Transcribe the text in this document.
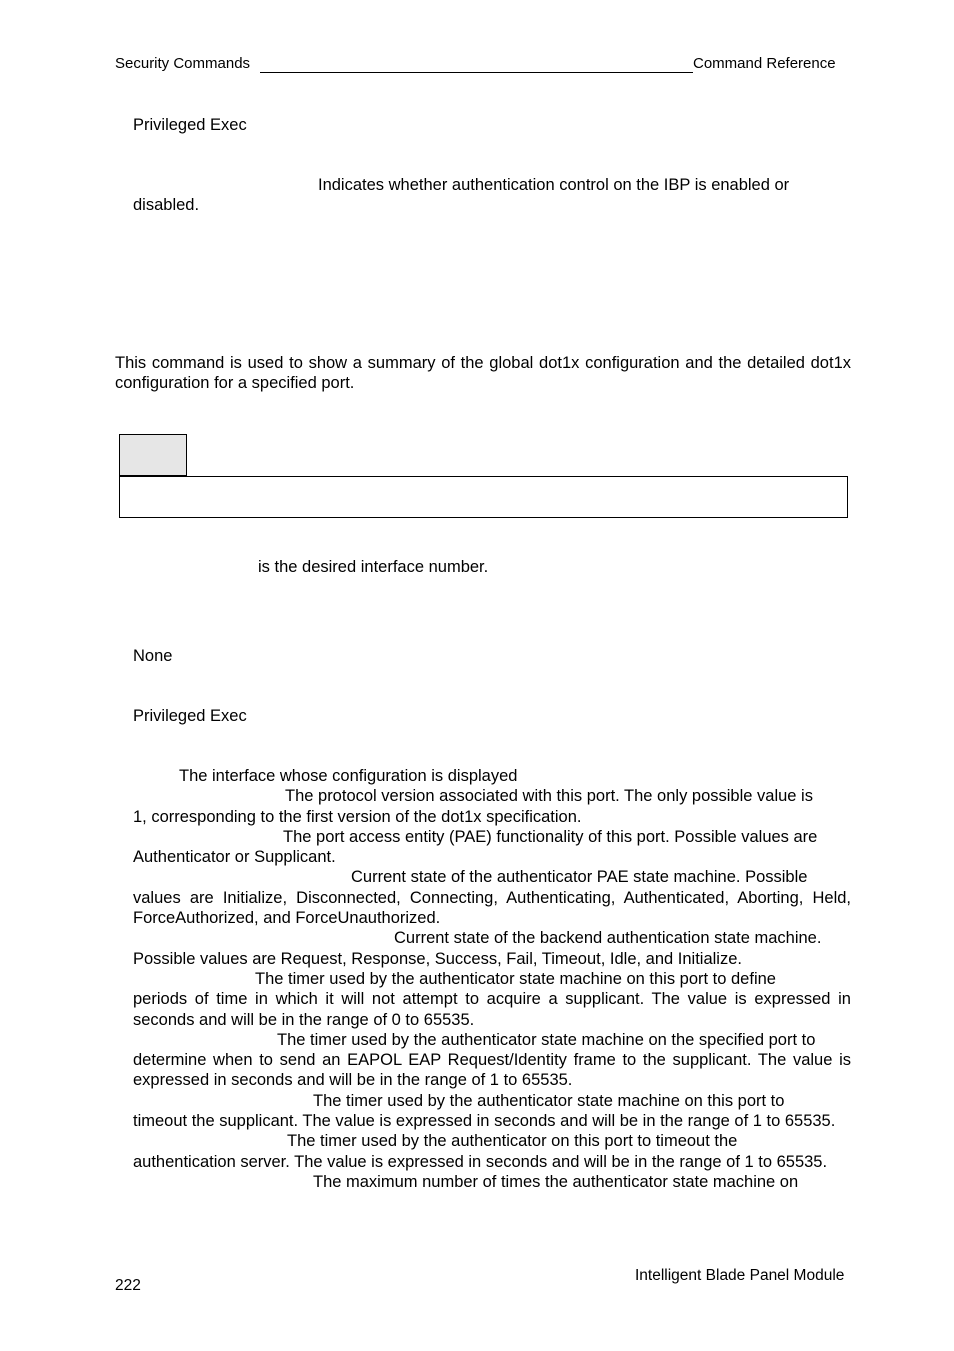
Security Commands	Command Reference
Privileged Exec
Indicates whether authentication control on the IBP is enabled or
disabled.
This command is used to show a summary of the global dot1x configuration and the detailed dot1x configuration for a specified port.
is the desired interface number.
None
Privileged Exec
The interface whose configuration is displayed
The protocol version associated with this port. The only possible value is
1, corresponding to the first version of the dot1x specification.
The port access entity (PAE) functionality of this port. Possible values are
Authenticator or Supplicant.
Current state of the authenticator PAE state machine. Possible
values are Initialize, Disconnected, Connecting, Authenticating, Authenticated, Aborting, Held, ForceAuthorized, and ForceUnauthorized.
Current state of the backend authentication state machine.
Possible values are Request, Response, Success, Fail, Timeout, Idle, and Initialize.
The timer used by the authenticator state machine on this port to define
periods of time in which it will not attempt to acquire a supplicant. The value is expressed in seconds and will be in the range of 0 to 65535.
The timer used by the authenticator state machine on the specified port to
determine when to send an EAPOL EAP Request/Identity frame to the supplicant. The value is expressed in seconds and will be in the range of 1 to 65535.
The timer used by the authenticator state machine on this port to
timeout the supplicant. The value is expressed in seconds and will be in the range of 1 to 65535.
The timer used by the authenticator on this port to timeout the
authentication server. The value is expressed in seconds and will be in the range of 1 to 65535.
The maximum number of times the authenticator state machine on
222
Intelligent Blade Panel Module
